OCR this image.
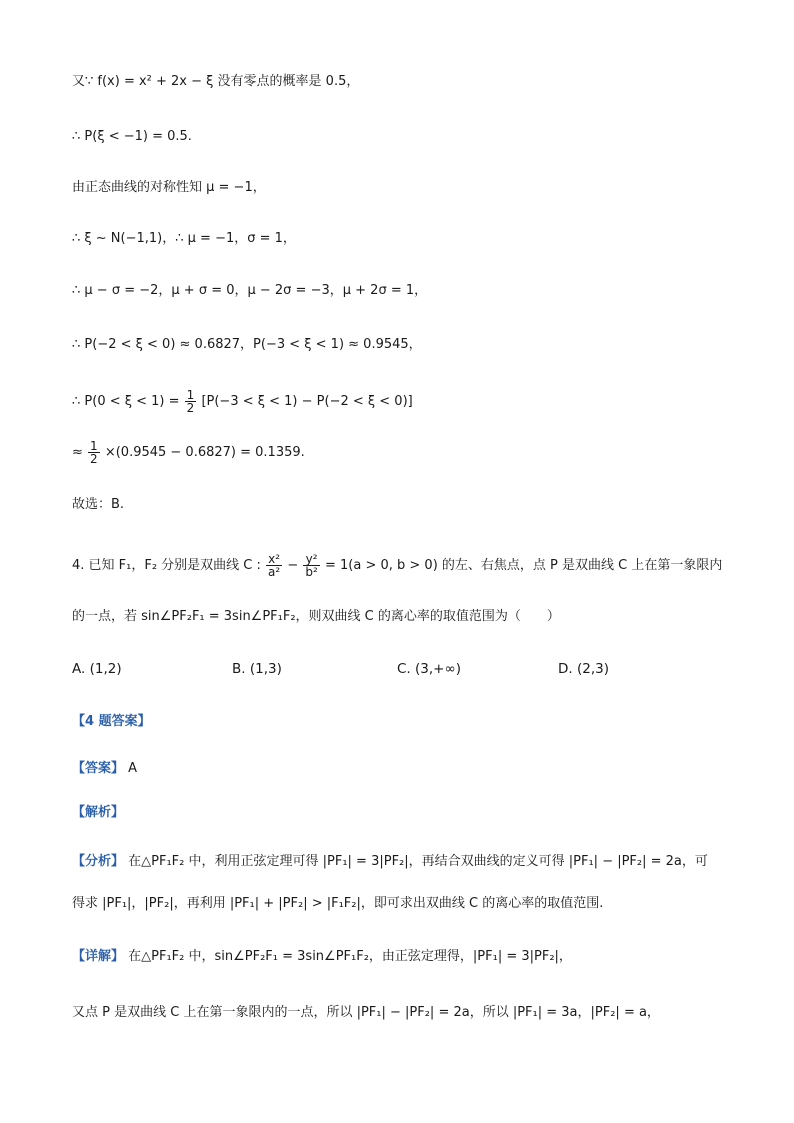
又∵ f(x) = x² + 2x − ξ 没有零点的概率是 0.5，
∴ P(ξ < −1) = 0.5.
由正态曲线的对称性知 μ = −1，
∴ ξ ~ N(−1,1)，∴ μ = −1，σ = 1，
∴ μ − σ = −2，μ + σ = 0，μ − 2σ = −3，μ + 2σ = 1，
∴ P(−2 < ξ < 0) ≈ 0.6827，P(−3 < ξ < 1) ≈ 0.9545，
∴ $P(0 < \xi < 1) = \frac{1}{2} [P(-3 < \xi < 1) - P(-2 < \xi < 0)]$
≈ $\frac{1}{2} \times(0.9545 - 0.6827) = 0.1359$.
故选：B.
4. 已知 F₁，F₂ 分别是双曲线 C : $\frac{\text{x²}}{\text{a²}} - \frac{\text{y²}}{\text{b²}} = 1(a > 0$, b > 0) 的左、右焦点，点 P 是双曲线 C 上在第一象限内
的一点，若 sin∠PF₂F₁ = 3sin∠PF₁F₂，则双曲线 C 的离心率的取值范围为（　　）
A. (1,2)	B. (1,3)	C. (3,+∞)	D. (2,3)
【4 题答案】
【答案】 A
【解析】
【分析】 在△PF₁F₂ 中，利用正弦定理可得 |PF₁| = 3|PF₂|，再结合双曲线的定义可得 |PF₁| − |PF₂| = 2a，可
得求 |PF₁|，|PF₂|，再利用 |PF₁| + |PF₂| > |F₁F₂|，即可求出双曲线 C 的离心率的取值范围.
【详解】 在△PF₁F₂ 中，sin∠PF₂F₁ = 3sin∠PF₁F₂，由正弦定理得，|PF₁| = 3|PF₂|，
又点 P 是双曲线 C 上在第一象限内的一点，所以 |PF₁| − |PF₂| = 2a，所以 |PF₁| = 3a，|PF₂| = a，
